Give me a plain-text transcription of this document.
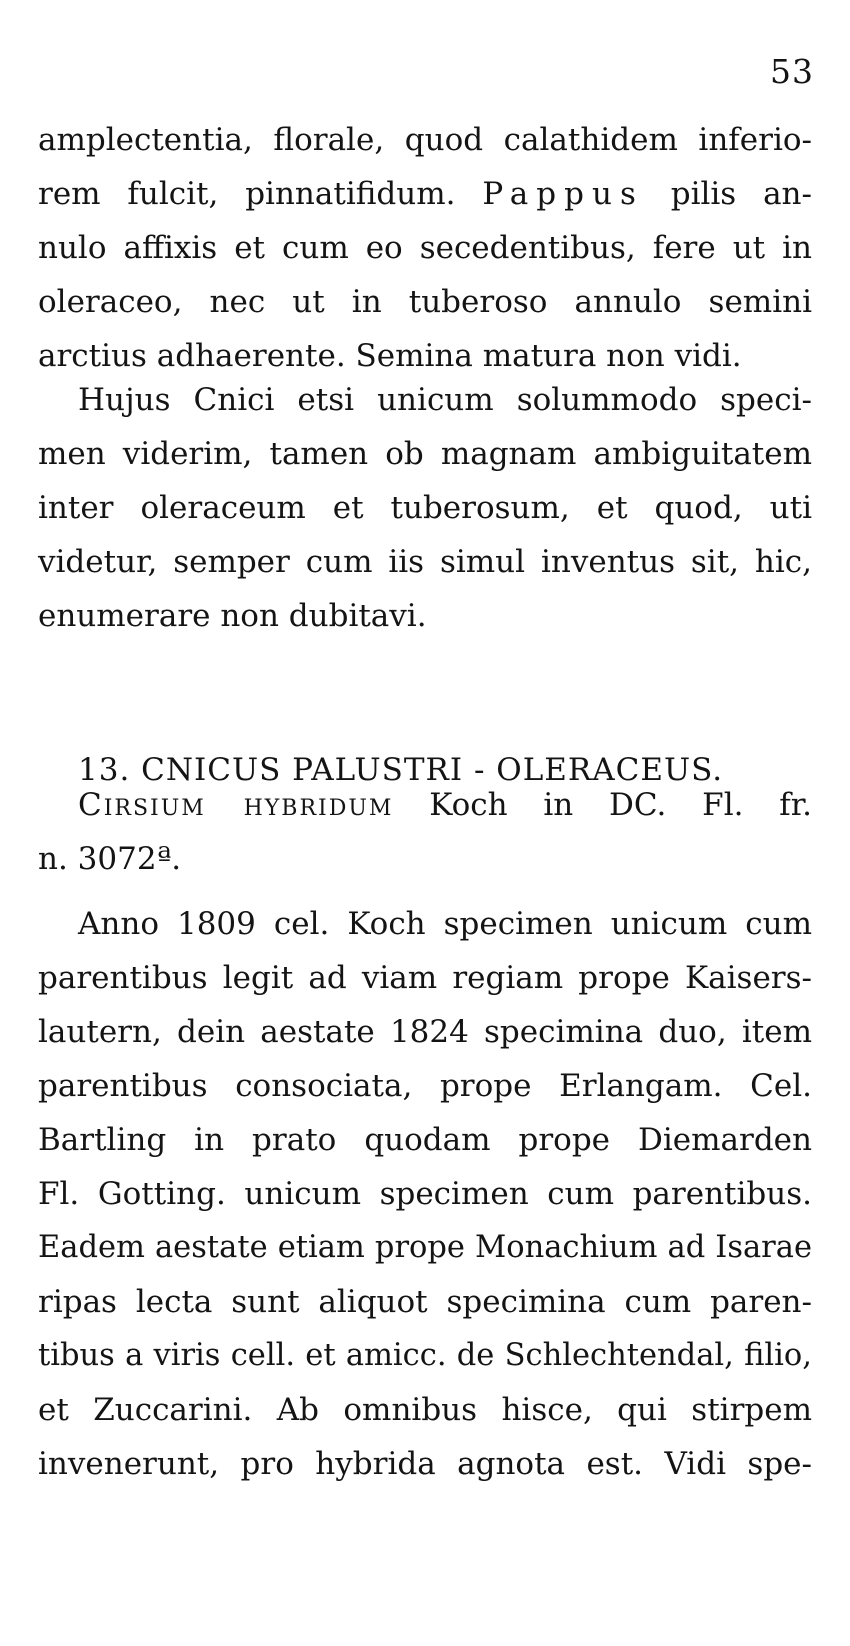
53
amplectentia, florale, quod calathidem inferio-
rem fulcit, pinnatifidum. Pappus pilis an-
nulo affixis et cum eo secedentibus, fere ut in
oleraceo, nec ut in tuberoso annulo semini
arctius adhaerente. Semina matura non vidi.
Hujus Cnici etsi unicum solummodo speci-
men viderim, tamen ob magnam ambiguitatem
inter oleraceum et tuberosum, et quod, uti
videtur, semper cum iis simul inventus sit, hic,
enumerare non dubitavi.
13. CNICUS PALUSTRI - OLERACEUS.
Cirsium hybridum Koch in DC. Fl. fr.
n. 3072ª.
Anno 1809 cel. Koch specimen unicum cum
parentibus legit ad viam regiam prope Kaisers-
lautern, dein aestate 1824 specimina duo, item
parentibus consociata, prope Erlangam. Cel.
Bartling in prato quodam prope Diemarden
Fl. Gotting. unicum specimen cum parentibus.
Eadem aestate etiam prope Monachium ad Isarae
ripas lecta sunt aliquot specimina cum paren-
tibus a viris cell. et amicc. de Schlechtendal, filio,
et Zuccarini. Ab omnibus hisce, qui stirpem
invenerunt, pro hybrida agnota est. Vidi spe-
